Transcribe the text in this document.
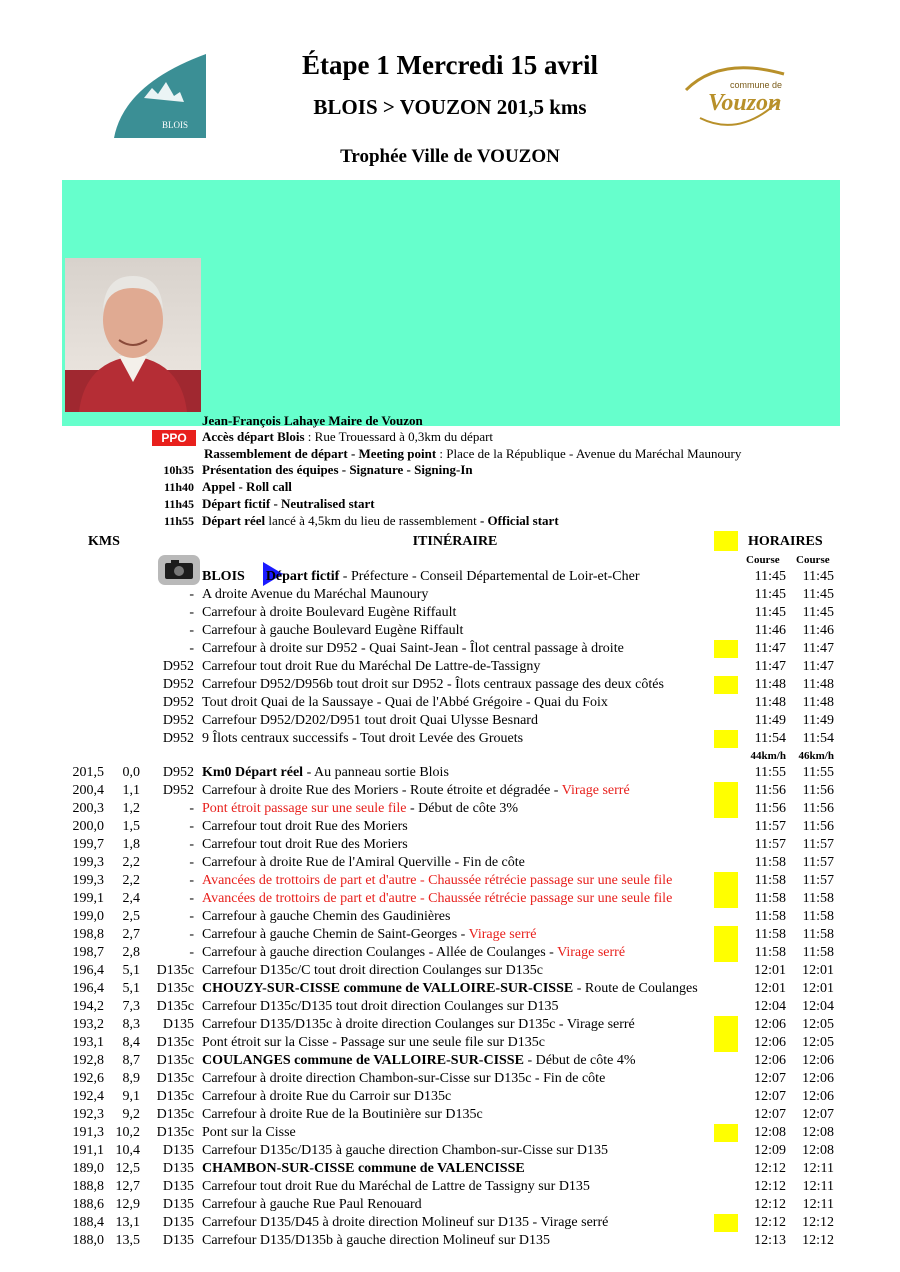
BLOIS
commune de
Vouzon
Étape 1 Mercredi 15 avril
BLOIS > VOUZON 201,5 kms
Trophée Ville de VOUZON
Jean-François Lahaye Maire de Vouzon
PPO	Accès départ Blois : Rue Trouessard à 0,3km du départ
Rassemblement de départ - Meeting point : Place de la République - Avenue du Maréchal Maunoury
10h35 Présentation des équipes - Signature - Signing-In
11h40 Appel - Roll call
11h45 Départ fictif - Neutralised start
11h55 Départ réel lancé à 4,5km du lieu de rassemblement - Official start
KMS	ITINÉRAIRE	HORAIRES
Course Course
BLOIS Départ fictif - Préfecture - Conseil Départemental de Loir-et-Cher	11:45	11:45
- A droite Avenue du Maréchal Maunoury	11:45	11:45
- Carrefour à droite Boulevard Eugène Riffault	11:45	11:45
- Carrefour à gauche Boulevard Eugène Riffault	11:46	11:46
- Carrefour à droite sur D952 - Quai Saint-Jean - Îlot central passage à droite	11:47	11:47
D952 Carrefour tout droit Rue du Maréchal De Lattre-de-Tassigny	11:47	11:47
D952 Carrefour D952/D956b tout droit sur D952 - Îlots centraux passage des deux côtés	11:48	11:48
D952 Tout droit Quai de la Saussaye - Quai de l'Abbé Grégoire - Quai du Foix	11:48	11:48
D952 Carrefour D952/D202/D951 tout droit Quai Ulysse Besnard	11:49	11:49
D952 9 Îlots centraux successifs - Tout droit Levée des Grouets	11:54	11:54
44km/h	46km/h
201,5	0,0	D952 Km0 Départ réel - Au panneau sortie Blois	11:55	11:55
200,4	1,1	D952 Carrefour à droite Rue des Moriers - Route étroite et dégradée - Virage serré	11:56	11:56
200,3	1,2	- Pont étroit passage sur une seule file - Début de côte 3%	11:56	11:56
200,0	1,5	- Carrefour tout droit Rue des Moriers	11:57	11:56
199,7	1,8	- Carrefour tout droit Rue des Moriers	11:57	11:57
199,3	2,2	- Carrefour à droite Rue de l'Amiral Querville - Fin de côte	11:58	11:57
199,3	2,2	- Avancées de trottoirs de part et d'autre - Chaussée rétrécie passage sur une seule file	11:58	11:57
199,1	2,4	- Avancées de trottoirs de part et d'autre - Chaussée rétrécie passage sur une seule file	11:58	11:58
199,0	2,5	- Carrefour à gauche Chemin des Gaudinières	11:58	11:58
198,8	2,7	- Carrefour à gauche Chemin de Saint-Georges - Virage serré	11:58	11:58
198,7	2,8	- Carrefour à gauche direction Coulanges - Allée de Coulanges - Virage serré	11:58	11:58
196,4	5,1	D135c Carrefour D135c/C tout droit direction Coulanges sur D135c	12:01	12:01
196,4	5,1	D135c CHOUZY-SUR-CISSE commune de VALLOIRE-SUR-CISSE - Route de Coulanges	12:01	12:01
194,2	7,3	D135c Carrefour D135c/D135 tout droit direction Coulanges sur D135	12:04	12:04
193,2	8,3	D135 Carrefour D135/D135c à droite direction Coulanges sur D135c - Virage serré	12:06	12:05
193,1	8,4	D135c Pont étroit sur la Cisse - Passage sur une seule file sur D135c	12:06	12:05
192,8	8,7	D135c COULANGES commune de VALLOIRE-SUR-CISSE - Début de côte 4%	12:06	12:06
192,6	8,9	D135c Carrefour à droite direction Chambon-sur-Cisse sur D135c - Fin de côte	12:07	12:06
192,4	9,1	D135c Carrefour à droite Rue du Carroir sur D135c	12:07	12:06
192,3	9,2	D135c Carrefour à droite Rue de la Boutinière sur D135c	12:07	12:07
191,3 10,2	D135c Pont sur la Cisse	12:08	12:08
191,1 10,4	D135 Carrefour D135c/D135 à gauche direction Chambon-sur-Cisse sur D135	12:09	12:08
189,0 12,5	D135 CHAMBON-SUR-CISSE commune de VALENCISSE	12:12	12:11
188,8 12,7	D135 Carrefour tout droit Rue du Maréchal de Lattre de Tassigny sur D135	12:12	12:11
188,6 12,9	D135 Carrefour à gauche Rue Paul Renouard	12:12	12:11
188,4 13,1	D135 Carrefour D135/D45 à droite direction Molineuf sur D135 - Virage serré	12:12	12:12
188,0 13,5	D135 Carrefour D135/D135b à gauche direction Molineuf sur D135	12:13	12:12
